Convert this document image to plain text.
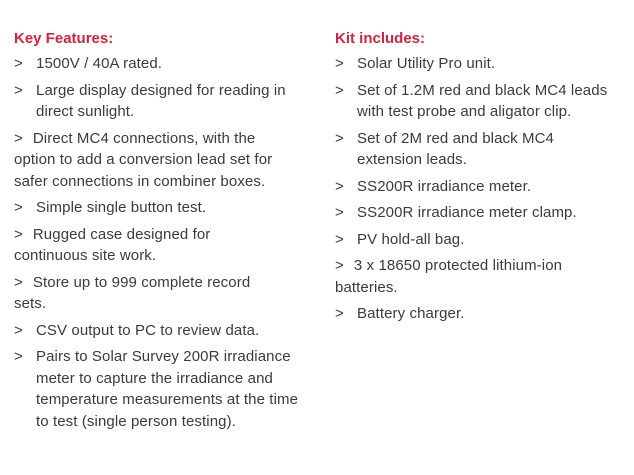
Key Features:
> 1500V / 40A rated.
> Large display designed for reading in direct sunlight.
> Direct MC4 connections, with the option to add a conversion lead set for safer connections in combiner boxes.
> Simple single button test.
> Rugged case designed for continuous site work.
> Store up to 999 complete record sets.
> CSV output to PC to review data.
> Pairs to Solar Survey 200R irradiance meter to capture the irradiance and temperature measurements at the time to test (single person testing).
Kit includes:
> Solar Utility Pro unit.
> Set of 1.2M red and black MC4 leads with test probe and aligator clip.
> Set of 2M red and black MC4 extension leads.
> SS200R irradiance meter.
> SS200R irradiance meter clamp.
> PV hold-all bag.
> 3 x 18650 protected lithium-ion batteries.
> Battery charger.
